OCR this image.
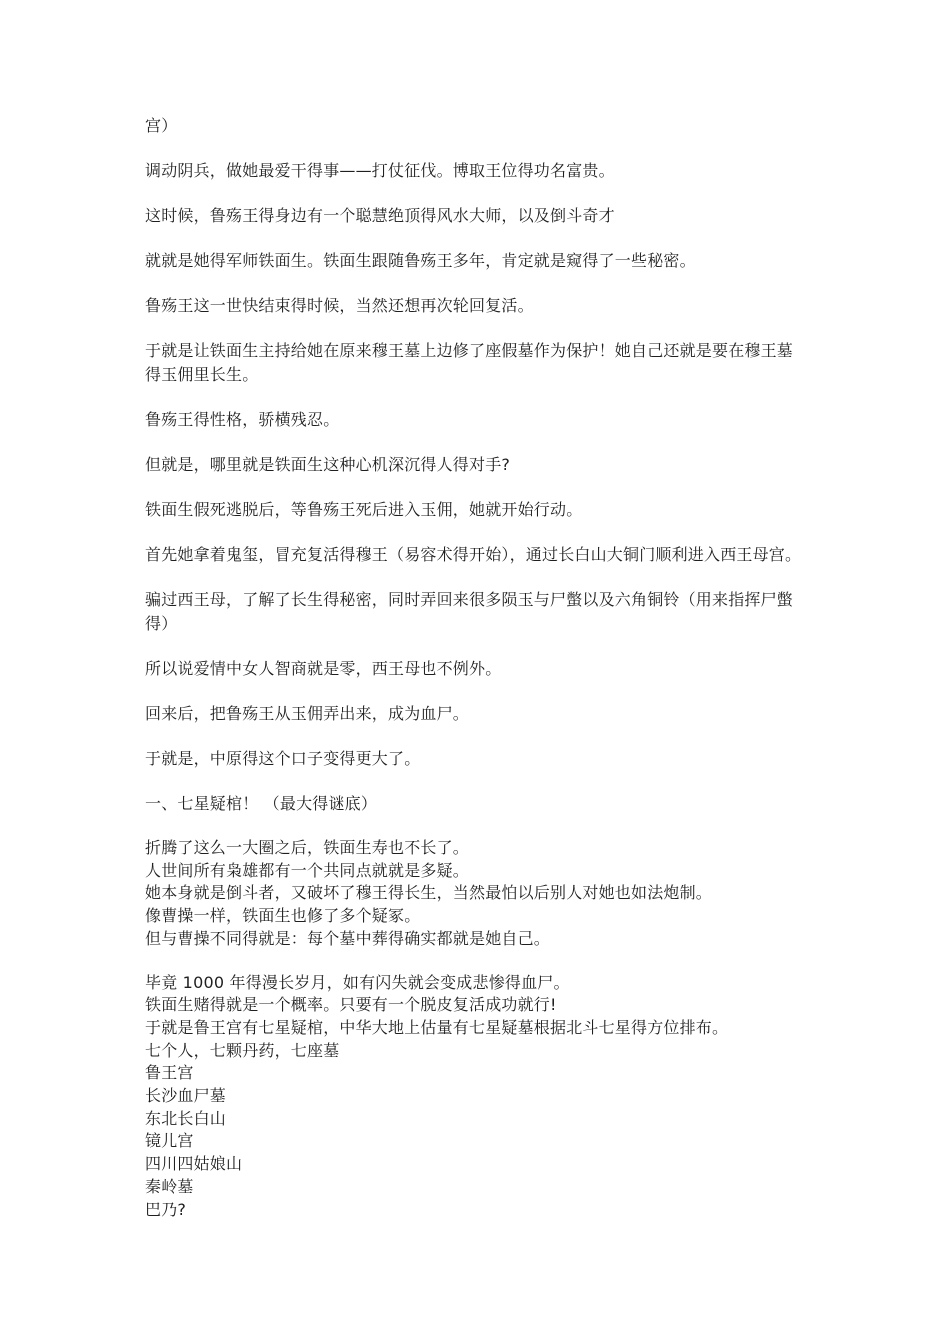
宫）

调动阴兵，做她最爱干得事——打仗征伐。博取王位得功名富贵。

这时候，鲁殇王得身边有一个聪慧绝顶得风水大师，以及倒斗奇才

就就是她得军师铁面生。铁面生跟随鲁殇王多年，肯定就是窥得了一些秘密。

鲁殇王这一世快结束得时候，当然还想再次轮回复活。

于就是让铁面生主持给她在原来穆王墓上边修了座假墓作为保护！她自己还就是要在穆王墓得玉佣里长生。

鲁殇王得性格，骄横残忍。

但就是，哪里就是铁面生这种心机深沉得人得对手?

铁面生假死逃脱后，等鲁殇王死后进入玉佣，她就开始行动。

首先她拿着鬼玺，冒充复活得穆王（易容术得开始），通过长白山大铜门顺利进入西王母宫。

骗过西王母，了解了长生得秘密，同时弄回来很多陨玉与尸蟞以及六角铜铃（用来指挥尸蟞得）

所以说爱情中女人智商就是零，西王母也不例外。

回来后，把鲁殇王从玉佣弄出来，成为血尸。

于就是，中原得这个口子变得更大了。

一、七星疑棺！ （最大得谜底）

折腾了这么一大圈之后，铁面生寿也不长了。
人世间所有枭雄都有一个共同点就就是多疑。
她本身就是倒斗者，又破坏了穆王得长生，当然最怕以后别人对她也如法炮制。
像曹操一样，铁面生也修了多个疑冢。
但与曹操不同得就是：每个墓中葬得确实都就是她自己。
毕竟 1000 年得漫长岁月，如有闪失就会变成悲惨得血尸。
铁面生赌得就是一个概率。只要有一个脱皮复活成功就行!
于就是鲁王宫有七星疑棺，中华大地上估量有七星疑墓根据北斗七星得方位排布。
七个人，七颗丹药，七座墓
鲁王宫
长沙血尸墓
东北长白山
镜儿宫
四川四姑娘山
秦岭墓
巴乃?
